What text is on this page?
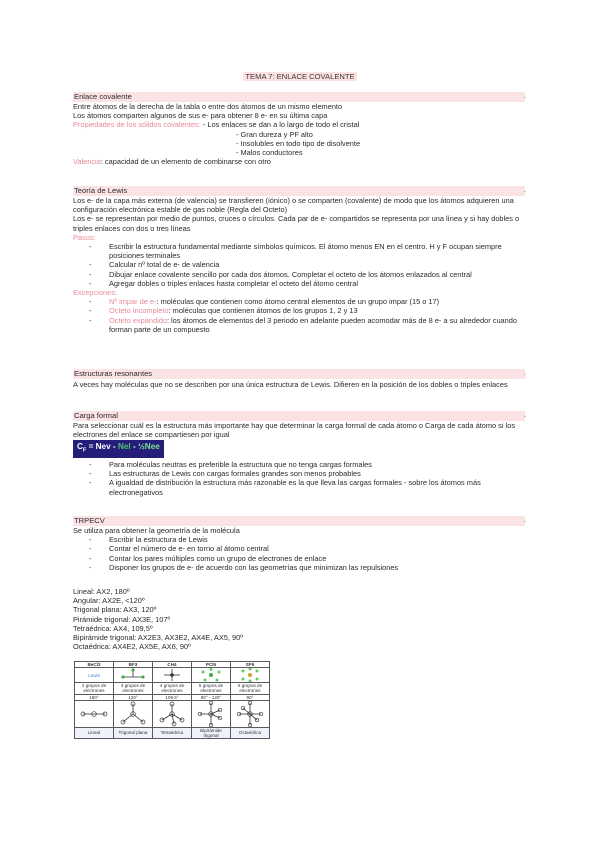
TEMA 7: ENLACE COVALENTE
Enlace covalente	.

Entre átomos de la derecha de la tabla o entre dos átomos de un mismo elemento

Los átomos comparten algunos de sus e- para obtener 8 e- en su última capa

Propiedades de los sólidos covalentes: - Los enlaces se dan a lo largo de todo el cristal

- Gran dureza y PF alto

- Insolubles en todo tipo de disolvente

- Malos conductores

Valencia: capacidad de un elemento de combinarse con otro

Teoría de Lewis	.

Los e- de la capa más externa (de valencia) se transfieren (iónico) o se comparten (covalente) de modo que los átomos adquieren una configuración electrónica estable de gas noble (Regla del Octeto)

Los e- se representan por medio de puntos, cruces o círculos. Cada par de e- compartidos se representa por una línea y si hay dobles o triples enlaces con dos o tres líneas

Pasos:

- Escribir la estructura fundamental mediante símbolos químicos. El átomo menos EN en el centro. H y F ocupan siempre posiciones terminales
- Calcular nº total de e- de valencia
- Dibujar enlace covalente sencillo por cada dos átomos. Completar el octeto de los átomos enlazados al central
- Agregar dobles o triples enlaces hasta completar el octeto del átomo central

Excepciones:

- Nº impar de e-: moléculas que contienen como átomo central elementos de un grupo impar (15 o 17)
- Octeto incompleto: moléculas que contienen átomos de los grupos 1, 2 y 13
- Octeto expandido: los átomos de elementos del 3 periodo en adelante pueden acomodar más de 8 e- a su alrededor cuando forman parte de un compuesto
Estructuras resonantes	.

A veces hay moléculas que no se describen por una única estructura de Lewis. Difieren en la posición de los dobles o triples enlaces

Carga formal	.

Para seleccionar cuál es la estructura más importante hay que determinar la carga formal de cada átomo o Carga de cada átomo si los electrones del enlace se compartiesen por igual

$C_F$ = Nev - Nel - ½Nee
- Para moléculas neutras es preferible la estructura que no tenga cargas formales
- Las estructuras de Lewis con cargas formales grandes son menos probables
- A igualdad de distribución la estructura más razonable es la que lleva las cargas formales - sobre los átomos más electronegativos
TRPECV	.

Se utiliza para obtener la geometría de la molécula

- Escribir la estructura de Lewis
- Contar el número de e- en torno al átomo central
- Contar los pares múltiples como un grupo de electrones de enlace
- Disponer los grupos de e- de acuerdo con las geometrías que minimizan las repulsiones

Lineal: AX2, 180º

Angular: AX2E, <120º

Trigonal plana: AX3, 120º

Pirámide trigonal: AX3E, 107º

Tetraédrica: AX4, 109,5º

Bipirámide trigonal: AX2E3, AX3E2, AX4E, AX5, 90º

Octaédrica: AX4E2, AX5E, AX6, 90º

BeCl2	BF3	CH4	PCl5	SF6
Lewis	

2 grupos de electrones	3 grupos de electrones	4 grupos de electrones	5 grupos de electrones	6 grupos de electrones
180°	120°	109,5°	90° - 120°	90°

Lineal	Trigonal plana	Tetraédrica	Bipirámide trigonal	Octaédrica
